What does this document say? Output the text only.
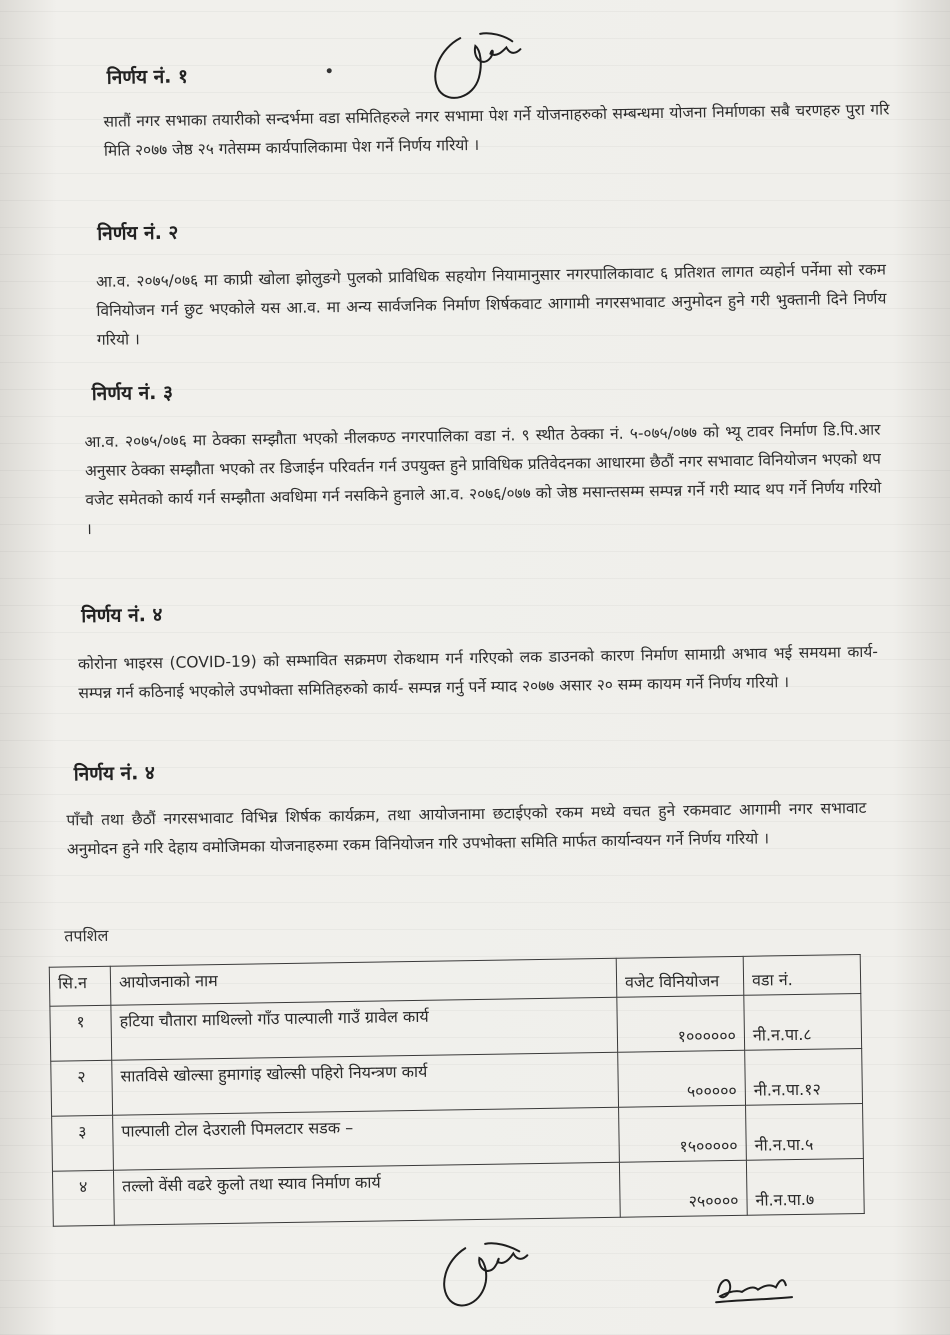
निर्णय नं. १
सातौं नगर सभाका तयारीको सन्दर्भमा वडा समितिहरुले नगर सभामा पेश गर्ने योजनाहरुको सम्बन्धमा योजना निर्माणका सबै चरणहरु पुरा गरि मिति २०७७ जेष्ठ २५ गतेसम्म कार्यपालिकामा पेश गर्ने निर्णय गरियो ।
निर्णय नं. २
आ.व. २०७५/०७६ मा काप्री खोला झोलुङगे पुलको प्राविधिक सहयोग नियामानुसार नगरपालिकावाट ६ प्रतिशत लागत व्यहोर्न पर्नेमा सो रकम विनियोजन गर्न छुट भएकोले यस आ.व. मा अन्य सार्वजनिक निर्माण शिर्षकवाट आगामी नगरसभावाट अनुमोदन हुने गरी भुक्तानी दिने निर्णय गरियो ।
निर्णय नं. ३
आ.व. २०७५/०७६ मा ठेक्का सम्झौता भएको नीलकण्ठ नगरपालिका वडा नं. ९ स्थीत ठेक्का नं. ५-०७५/०७७ को भ्यू टावर निर्माण डि.पि.आर अनुसार ठेक्का सम्झौता भएको तर डिजाईन परिवर्तन गर्न उपयुक्त हुने प्राविधिक प्रतिवेदनका आधारमा छैठौं नगर सभावाट विनियोजन भएको थप वजेट समेतको कार्य गर्न सम्झौता अवधिमा गर्न नसकिने हुनाले आ.व. २०७६/०७७ को जेष्ठ मसान्तसम्म सम्पन्न गर्ने गरी म्याद थप गर्ने निर्णय गरियो ।
निर्णय नं. ४
कोरोना भाइरस (COVID-19) को सम्भावित सक्रमण रोकथाम गर्न गरिएको लक डाउनको कारण निर्माण सामाग्री अभाव भई समयमा कार्य-सम्पन्न गर्न कठिनाई भएकोले उपभोक्ता समितिहरुको कार्य- सम्पन्न गर्नु पर्ने म्याद २०७७ असार २० सम्म कायम गर्ने निर्णय गरियो ।
निर्णय नं. ४
पाँचौ तथा छैठौं नगरसभावाट विभिन्न शिर्षक कार्यक्रम, तथा आयोजनामा छटाईएको रकम मध्ये वचत हुने रकमवाट आगामी नगर सभावाट अनुमोदन हुने गरि देहाय वमोजिमका योजनाहरुमा रकम विनियोजन गरि उपभोक्ता समिति मार्फत कार्यान्वयन गर्ने निर्णय गरियो ।
तपशिल
सि.न	आयोजनाको नाम	वजेट विनियोजन	वडा नं.
१	हटिया चौतारा माथिल्लो गाँउ पाल्पाली गाउँ ग्रावेल कार्य	१००००००	नी.न.पा.८
२	सातविसे खोल्सा हुमागांइ खोल्सी पहिरो नियन्त्रण कार्य	५०००००	नी.न.पा.१२
३	पाल्पाली टोल देउराली पिमलटार सडक –	१५०००००	नी.न.पा.५
४	तल्लो वेंसी वढरे कुलो तथा स्याव निर्माण कार्य	२५००००	नी.न.पा.७
